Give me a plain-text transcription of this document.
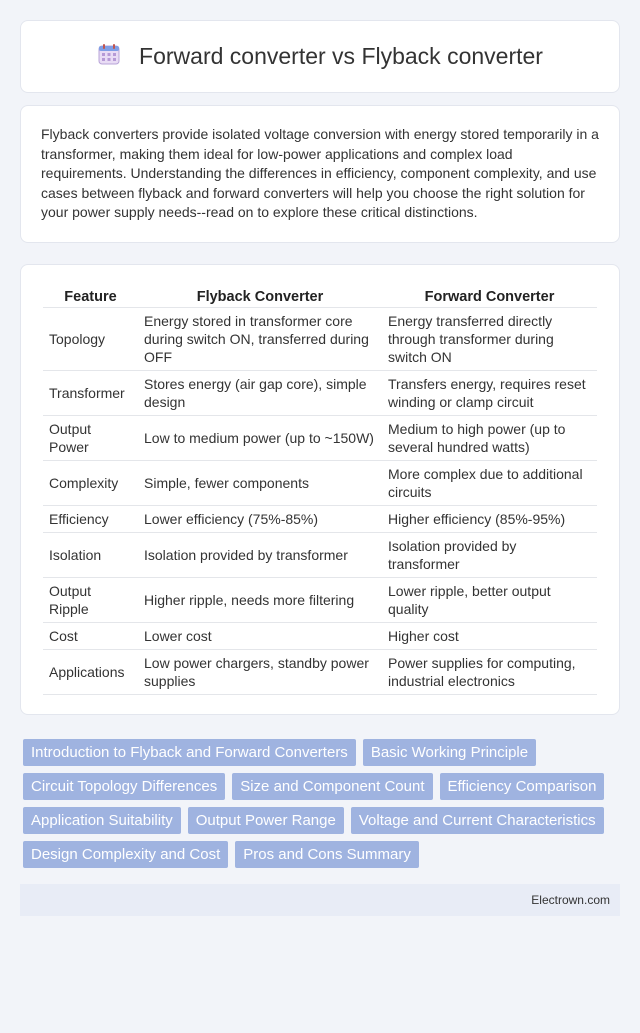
Forward converter vs Flyback converter

Flyback converters provide isolated voltage conversion with energy stored temporarily in a transformer, making them ideal for low-power applications and complex load requirements. Understanding the differences in efficiency, component complexity, and use cases between flyback and forward converters will help you choose the right solution for your power supply needs--read on to explore these critical distinctions.

Feature	Flyback Converter	Forward Converter
Topology	Energy stored in transformer core during switch ON, transferred during OFF	Energy transferred directly through transformer during switch ON
Transformer	Stores energy (air gap core), simple design	Transfers energy, requires reset winding or clamp circuit
Output Power	Low to medium power (up to ~150W)	Medium to high power (up to several hundred watts)
Complexity	Simple, fewer components	More complex due to additional circuits
Efficiency	Lower efficiency (75%-85%)	Higher efficiency (85%-95%)
Isolation	Isolation provided by transformer	Isolation provided by transformer
Output Ripple	Higher ripple, needs more filtering	Lower ripple, better output quality
Cost	Lower cost	Higher cost
Applications	Low power chargers, standby power supplies	Power supplies for computing, industrial electronics
Introduction to Flyback and Forward Converters	Basic Working Principle
Circuit Topology Differences	Size and Component Count	Efficiency Comparison
Application Suitability	Output Power Range	Voltage and Current Characteristics
Design Complexity and Cost	Pros and Cons Summary
Electrown.com
